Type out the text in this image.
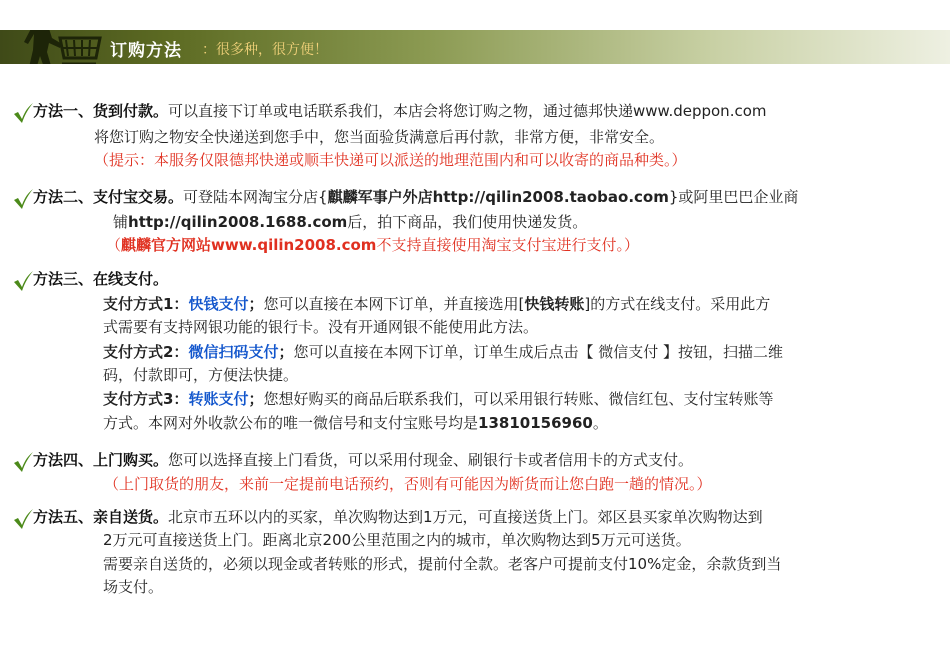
订购方法 ：很多种，很方便！
方法一、货到付款。可以直接下订单或电话联系我们，本店会将您订购之物，通过德邦快递www.deppon.com
将您订购之物安全快递送到您手中，您当面验货满意后再付款，非常方便，非常安全。
（提示：本服务仅限德邦快递或顺丰快递可以派送的地理范围内和可以收寄的商品种类。）
方法二、支付宝交易。可登陆本网淘宝分店{麒麟军事户外店http://qilin2008.taobao.com}或阿里巴巴企业商
铺http://qilin2008.1688.com后，拍下商品，我们使用快递发货。
（麒麟官方网站www.qilin2008.com不支持直接使用淘宝支付宝进行支付。）
方法三、在线支付。
支付方式1：快钱支付；您可以直接在本网下订单，并直接选用[快钱转账]的方式在线支付。采用此方
式需要有支持网银功能的银行卡。没有开通网银不能使用此方法。
支付方式2：微信扫码支付；您可以直接在本网下订单，订单生成后点击【 微信支付 】按钮，扫描二维
码，付款即可，方便法快捷。
支付方式3：转账支付；您想好购买的商品后联系我们，可以采用银行转账、微信红包、支付宝转账等
方式。本网对外收款公布的唯一微信号和支付宝账号均是13810156960。
方法四、上门购买。您可以选择直接上门看货，可以采用付现金、刷银行卡或者信用卡的方式支付。
（上门取货的朋友，来前一定提前电话预约，否则有可能因为断货而让您白跑一趟的情况。）
方法五、亲自送货。北京市五环以内的买家，单次购物达到1万元，可直接送货上门。郊区县买家单次购物达到
2万元可直接送货上门。距离北京200公里范围之内的城市，单次购物达到5万元可送货。
需要亲自送货的，必须以现金或者转账的形式，提前付全款。老客户可提前支付10%定金，余款货到当
场支付。
